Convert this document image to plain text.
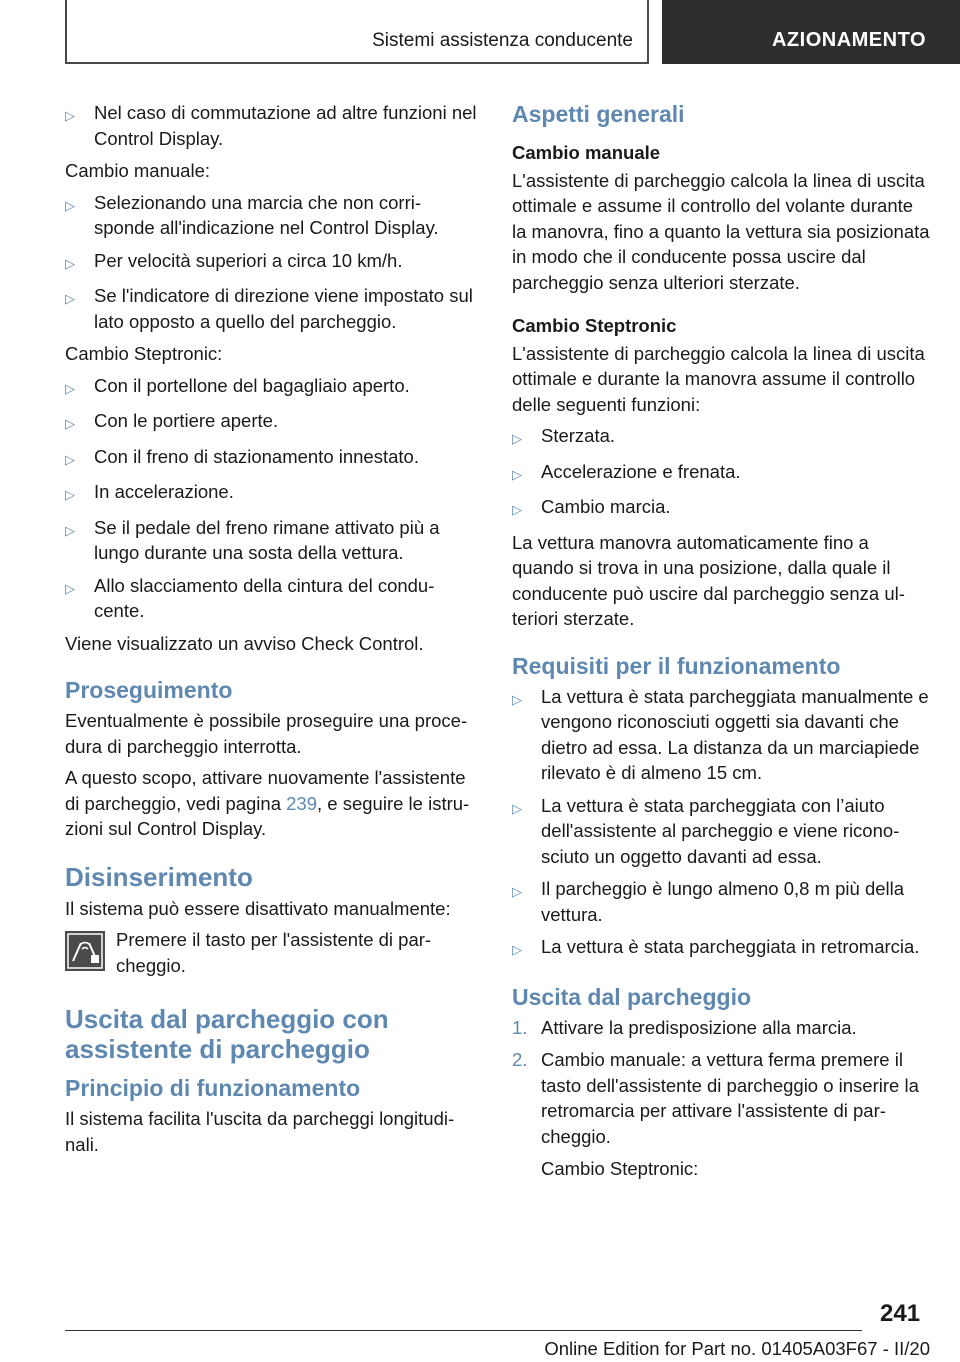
Sistemi assistenza conducente	AZIONAMENTO
▷	Nel caso di commutazione ad altre funzioni nel Control Display.
Cambio manuale:
▷	Selezionando una marcia che non corri-sponde all'indicazione nel Control Display.
▷	Per velocità superiori a circa 10 km/h.
▷	Se l'indicatore di direzione viene impostato sul lato opposto a quello del parcheggio.
Cambio Steptronic:
▷	Con il portellone del bagagliaio aperto.
▷	Con le portiere aperte.
▷	Con il freno di stazionamento innestato.
▷	In accelerazione.
▷	Se il pedale del freno rimane attivato più a lungo durante una sosta della vettura.
▷	Allo slacciamento della cintura del condu-cente.
Viene visualizzato un avviso Check Control.
Proseguimento
Eventualmente è possibile proseguire una proce-dura di parcheggio interrotta.
A questo scopo, attivare nuovamente l'assistente di parcheggio, vedi pagina 239, e seguire le istru-zioni sul Control Display.
Disinserimento
Il sistema può essere disattivato manualmente:
Premere il tasto per l'assistente di par-cheggio.
Uscita dal parcheggio con assistente di parcheggio
Principio di funzionamento
Il sistema facilita l'uscita da parcheggi longitudi-nali.
Aspetti generali
Cambio manuale
L'assistente di parcheggio calcola la linea di uscita ottimale e assume il controllo del volante durante la manovra, fino a quanto la vettura sia posizionata in modo che il conducente possa uscire dal parcheggio senza ulteriori sterzate.
Cambio Steptronic
L'assistente di parcheggio calcola la linea di uscita ottimale e durante la manovra assume il controllo delle seguenti funzioni:
▷	Sterzata.
▷	Accelerazione e frenata.
▷	Cambio marcia.
La vettura manovra automaticamente fino a quando si trova in una posizione, dalla quale il conducente può uscire dal parcheggio senza ul-teriori sterzate.
Requisiti per il funzionamento
▷	La vettura è stata parcheggiata manualmente e vengono riconosciuti oggetti sia davanti che dietro ad essa. La distanza da un marciapiede rilevato è di almeno 15 cm.
▷	La vettura è stata parcheggiata con l’aiuto dell'assistente al parcheggio e viene ricono-sciuto un oggetto davanti ad essa.
▷	Il parcheggio è lungo almeno 0,8 m più della vettura.
▷	La vettura è stata parcheggiata in retromarcia.
Uscita dal parcheggio
1. Attivare la predisposizione alla marcia.
2. Cambio manuale: a vettura ferma premere il tasto dell'assistente di parcheggio o inserire la retromarcia per attivare l'assistente di par-cheggio.
Cambio Steptronic:
241
Online Edition for Part no. 01405A03F67 - II/20
